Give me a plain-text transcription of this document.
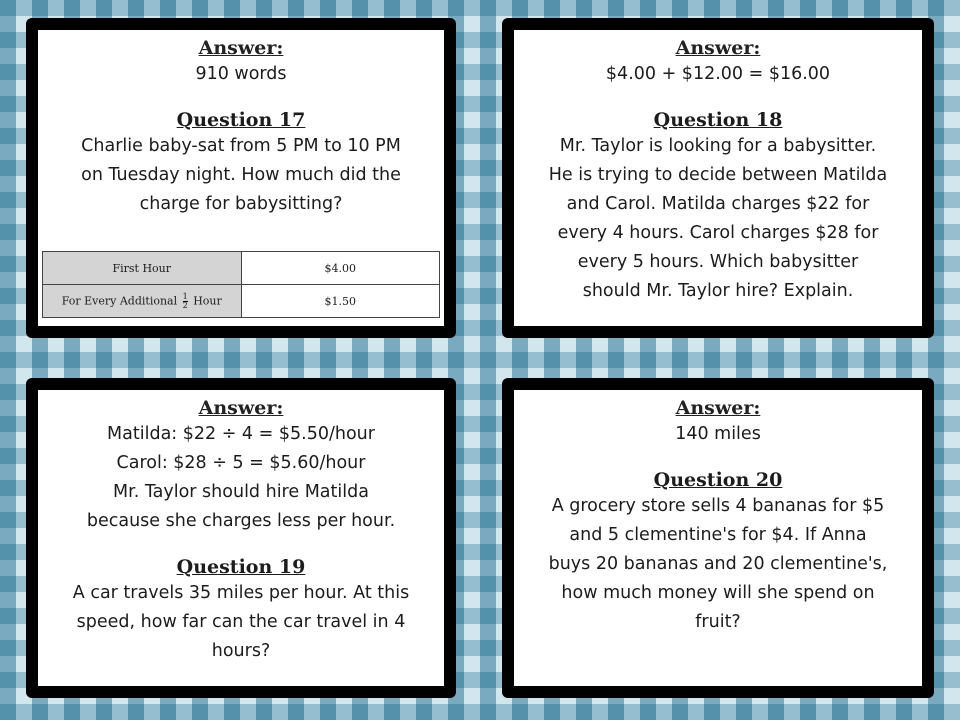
Answer:
910 words
Question 17
Charlie baby-sat from 5 PM to 10 PM
on Tuesday night. How much did the
charge for babysitting?
First Hour	$4.00
For Every Additional $\frac{1}{2}$ Hour	$1.50
Answer:
$4.00 + $12.00 = $16.00
Question 18
Mr. Taylor is looking for a babysitter.
He is trying to decide between Matilda
and Carol. Matilda charges $22 for
every 4 hours. Carol charges $28 for
every 5 hours. Which babysitter
should Mr. Taylor hire? Explain.
Answer:
Matilda: $22 ÷ 4 = $5.50/hour
Carol: $28 ÷ 5 = $5.60/hour
Mr. Taylor should hire Matilda
because she charges less per hour.
Question 19
A car travels 35 miles per hour. At this
speed, how far can the car travel in 4
hours?
Answer:
140 miles
Question 20
A grocery store sells 4 bananas for $5
and 5 clementine's for $4. If Anna
buys 20 bananas and 20 clementine's,
how much money will she spend on
fruit?
